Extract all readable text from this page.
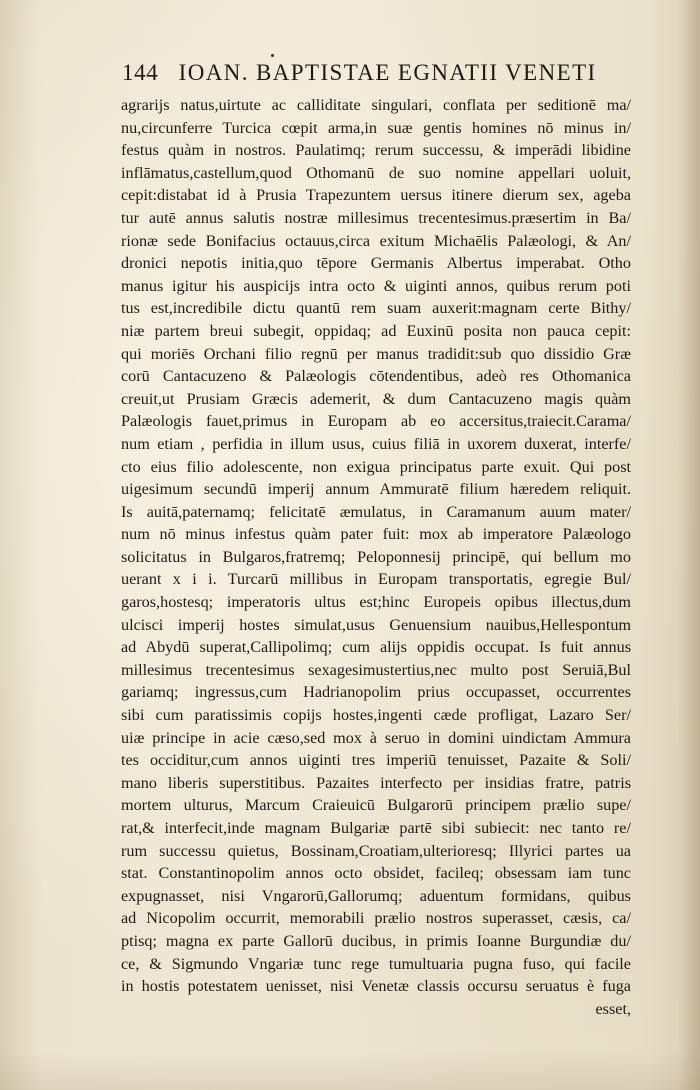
144 IOAN. BAPTISTAE EGNATII VENETI
agrarijs natus,uirtute ac calliditate singulari, conflata per seditionē ma/
nu,circunferre Turcica cœpit arma,in suæ gentis homines nō minus in/
festus quàm in nostros. Paulatimq; rerum successu, & imperādi libidine
inflāmatus,castellum,quod Othomanū de suo nomine appellari uoluit,
cepit:distabat id à Prusia Trapezuntem uersus itinere dierum sex, ageba
tur autē annus salutis nostræ millesimus trecentesimus.præsertim in Ba/
rionæ sede Bonifacius octauus,circa exitum Michaēlis Palæologi, & An/
dronici nepotis initia,quo tēpore Germanis Albertus imperabat. Otho
manus igitur his auspicijs intra octo & uiginti annos, quibus rerum poti
tus est,incredibile dictu quantū rem suam auxerit:magnam certe Bithy/
niæ partem breui subegit, oppidaq; ad Euxinū posita non pauca cepit:
qui moriēs Orchani filio regnū per manus tradidit:sub quo dissidio Græ
corū Cantacuzeno & Palæologis cōtendentibus, adeò res Othomanica
creuit,ut Prusiam Græcis ademerit, & dum Cantacuzeno magis quàm
Palæologis fauet,primus in Europam ab eo accersitus,traiecit.Carama/
num etiam , perfidia in illum usus, cuius filiā in uxorem duxerat, interfe/
cto eius filio adolescente, non exigua principatus parte exuit. Qui post
uigesimum secundū imperij annum Ammuratē filium hæredem reliquit.
Is auitā,paternamq; felicitatē æmulatus, in Caramanum auum mater/
num nō minus infestus quàm pater fuit: mox ab imperatore Palæologo
solicitatus in Bulgaros,fratremq; Peloponnesij principē, qui bellum mo
uerant x i i. Turcarū millibus in Europam transportatis, egregie Bul/
garos,hostesq; imperatoris ultus est;hinc Europeis opibus illectus,dum
ulcisci imperij hostes simulat,usus Genuensium nauibus,Hellespontum
ad Abydū superat,Callipolimq; cum alijs oppidis occupat. Is fuit annus
millesimus trecentesimus sexagesimustertius,nec multo post Seruiā,Bul
gariamq; ingressus,cum Hadrianopolim prius occupasset, occurrentes
sibi cum paratissimis copijs hostes,ingenti cæde profligat, Lazaro Ser/
uiæ principe in acie cæso,sed mox à seruo in domini uindictam Ammura
tes occiditur,cum annos uiginti tres imperiū tenuisset, Pazaite & Soli/
mano liberis superstitibus. Pazaites interfecto per insidias fratre, patris
mortem ulturus, Marcum Craieuicū Bulgarorū principem prælio supe/
rat,& interfecit,inde magnam Bulgariæ partē sibi subiecit: nec tanto re/
rum successu quietus, Bossinam,Croatiam,ulterioresq; Illyrici partes ua
stat. Constantinopolim annos octo obsidet, facileq; obsessam iam tunc
expugnasset, nisi Vngarorū,Gallorumq; aduentum formidans, quibus
ad Nicopolim occurrit, memorabili prælio nostros superasset, cæsis, ca/
ptisq; magna ex parte Gallorū ducibus, in primis Ioanne Burgundiæ du/
ce, & Sigmundo Vngariæ tunc rege tumultuaria pugna fuso, qui facile
in hostis potestatem uenisset, nisi Venetæ classis occursu seruatus è fuga
esset,
